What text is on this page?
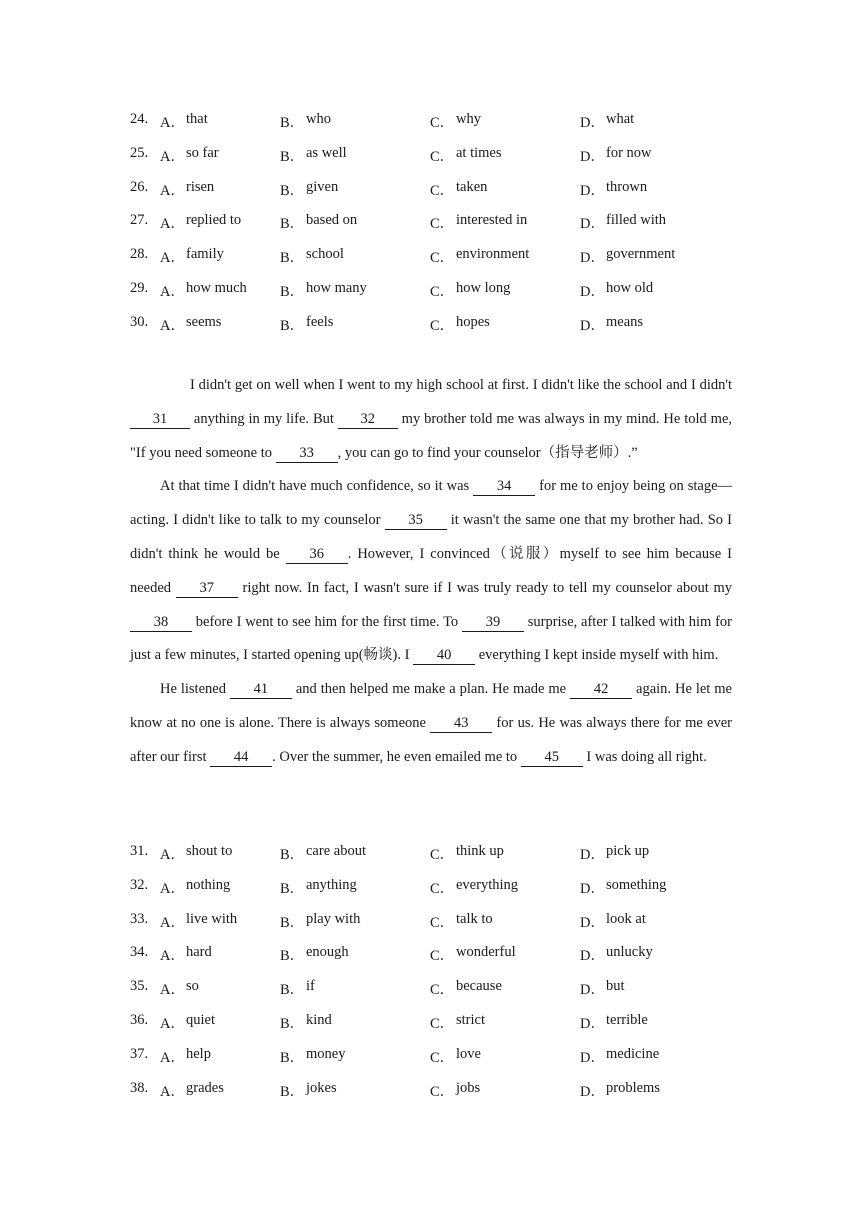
24. A． that	B． who	C． why	D． what
25. A． so far	B． as well	C． at times	D． for now
26. A． risen	B． given	C． taken	D． thrown
27. A． replied to	B． based on	C． interested in	D． filled with
28. A． family	B． school	C． environment	D． government
29. A． how much B． how many	C． how long	D． how old
30. A． seems	B． feels	C． hopes	D． means

I didn't get on well when I went to my high school at first. I didn't like the school and I didn't 31 anything in my life. But 32 my brother told me was always in my mind. He told me, "If you need someone to 33 , you can go to find your counselor（指导老师）.”

At that time I didn't have much confidence, so it was 34 for me to enjoy being on stage—acting. I didn't like to talk to my counselor 35 it wasn't the same one that my brother had. So I didn't think he would be 36 . However, I convinced（说服）myself to see him because I needed 37 right now. In fact, I wasn't sure if I was truly ready to tell my counselor about my 38 before I went to see him for the first time. To 39 surprise, after I talked with him for just a few minutes, I started opening up(畅谈). I 40 everything I kept inside myself with him.

He listened 41 and then helped me make a plan. He made me 42 again. He let me know at no one is alone. There is always someone 43 for us. He was always there for me ever after our first 44 . Over the summer, he even emailed me to 45 I was doing all right.

31. A． shout to	B． care about	C． think up	D． pick up
32. A． nothing	B． anything	C． everything	D． something
33. A． live with	B． play with	C． talk to	D． look at
34. A． hard	B． enough	C． wonderful	D． unlucky
35. A． so	B． if	C． because	D． but
36. A． quiet	B． kind	C． strict	D． terrible
37. A． help	B． money	C． love	D． medicine
38. A． grades	B． jokes	C． jobs	D． problems
